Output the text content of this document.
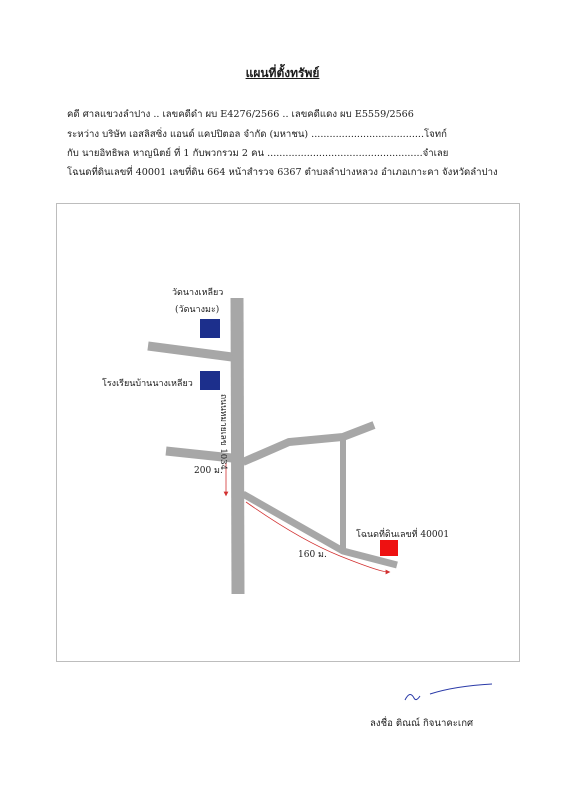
แผนที่ตั้งทรัพย์
คดี ศาลแขวงลำปาง .. เลขคดีดำ ผบ E4276/2566 .. เลขคดีแดง ผบ E5559/2566
ระหว่าง บริษัท เอสลิสซิ่ง แอนด์ แคปปิตอล จำกัด (มหาชน) .....................................โจทก์
กับ นายอิทธิพล หาญนิตย์ ที่ 1 กับพวกรวม 2 คน ...................................................จำเลย
โฉนดที่ดินเลขที่ 40001 เลขที่ดิน 664 หน้าสำรวจ 6367 ตำบลลำปางหลวง อำเภอเกาะคา จังหวัดลำปาง
วัดนางเหลียว
(วัดนางมะ)
โรงเรียนบ้านนางเหลียว
ถนนหมายเลข 1034
200 ม.
160 ม.
โฉนดที่ดินเลขที่ 40001
ลงชื่อ ติณณ์ กิจนาคะเกศ
